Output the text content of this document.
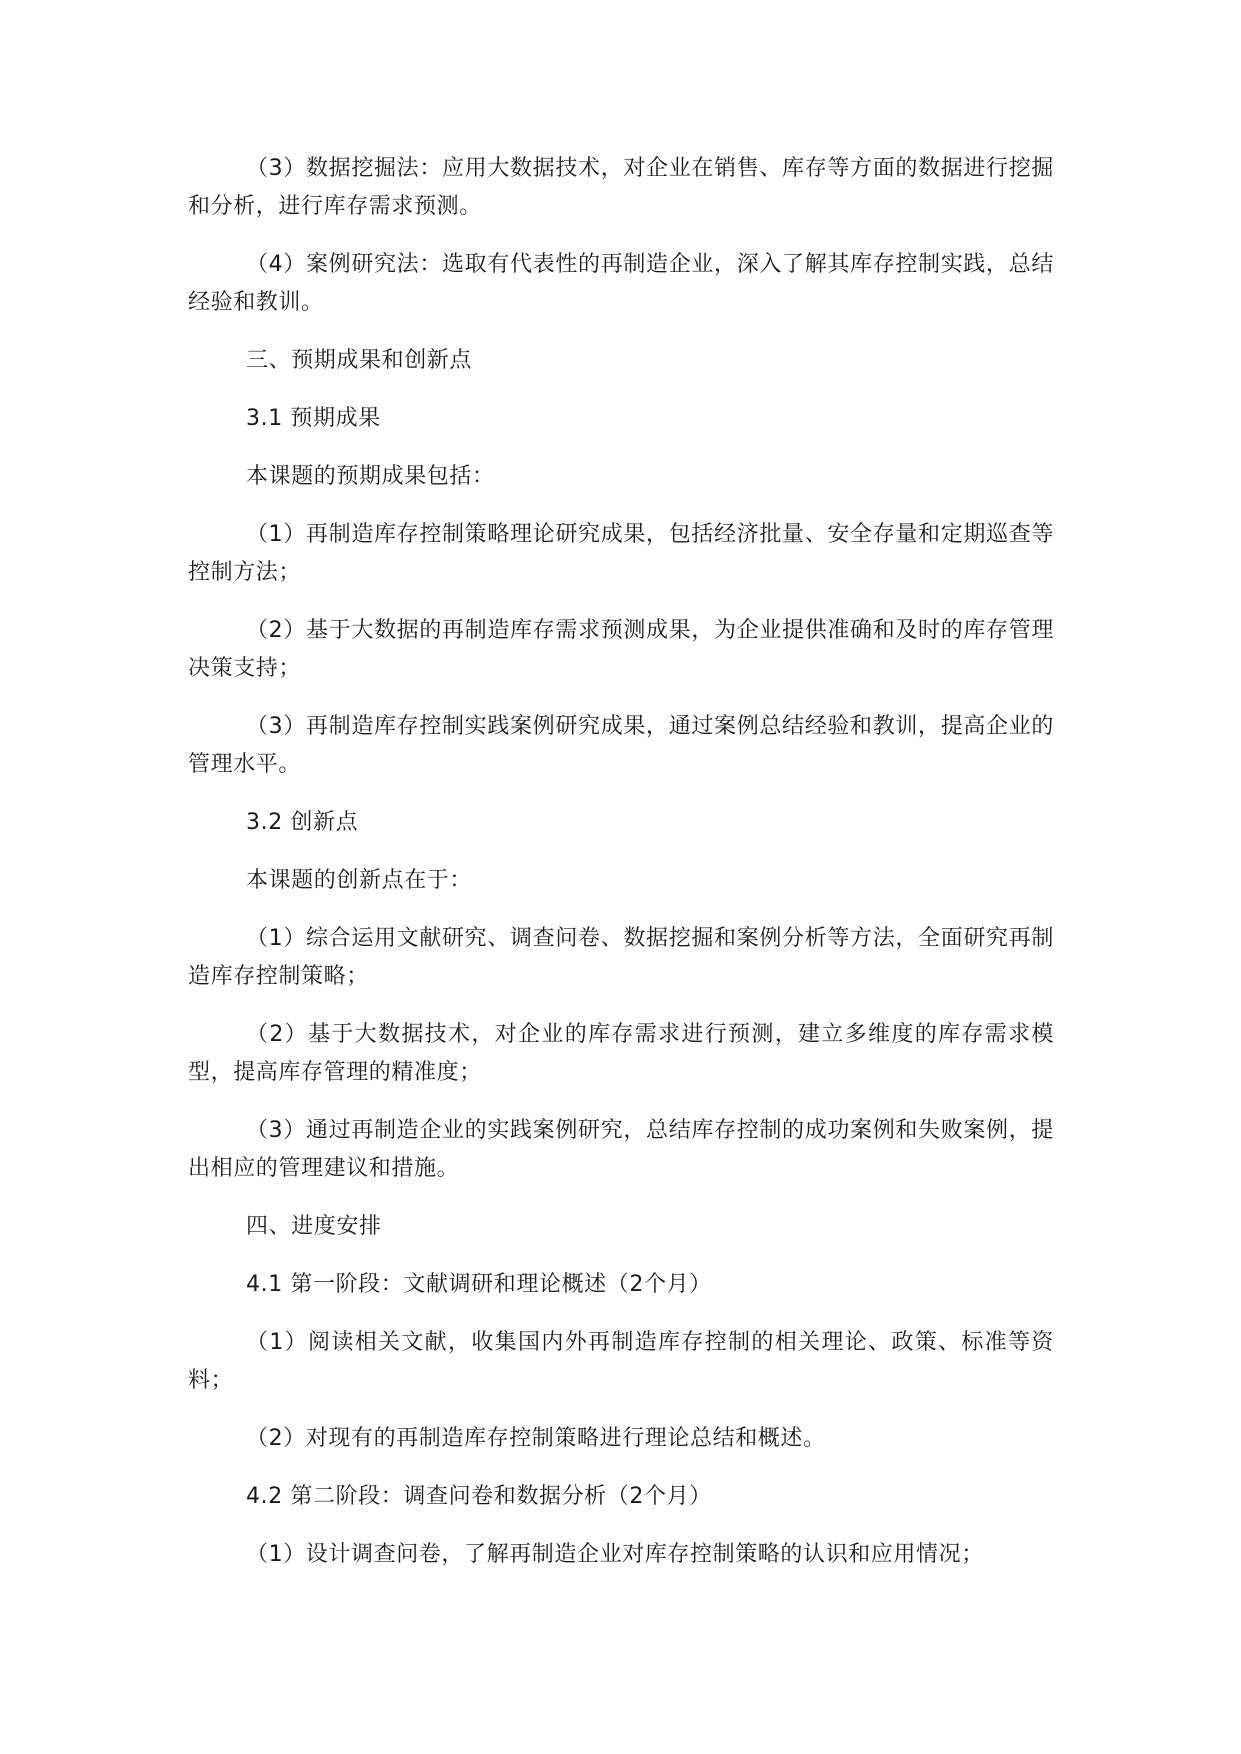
（3）数据挖掘法：应用大数据技术，对企业在销售、库存等方面的数据进行挖掘和分析，进行库存需求预测。

（4）案例研究法：选取有代表性的再制造企业，深入了解其库存控制实践，总结经验和教训。

三、预期成果和创新点

3.1 预期成果

本课题的预期成果包括：

（1）再制造库存控制策略理论研究成果，包括经济批量、安全存量和定期巡查等控制方法；

（2）基于大数据的再制造库存需求预测成果，为企业提供准确和及时的库存管理决策支持；

（3）再制造库存控制实践案例研究成果，通过案例总结经验和教训，提高企业的管理水平。

3.2 创新点

本课题的创新点在于：

（1）综合运用文献研究、调查问卷、数据挖掘和案例分析等方法，全面研究再制造库存控制策略；

（2）基于大数据技术，对企业的库存需求进行预测，建立多维度的库存需求模型，提高库存管理的精准度；

（3）通过再制造企业的实践案例研究，总结库存控制的成功案例和失败案例，提出相应的管理建议和措施。

四、进度安排

4.1 第一阶段：文献调研和理论概述（2个月）

（1）阅读相关文献，收集国内外再制造库存控制的相关理论、政策、标准等资料；

（2）对现有的再制造库存控制策略进行理论总结和概述。

4.2 第二阶段：调查问卷和数据分析（2个月）

（1）设计调查问卷，了解再制造企业对库存控制策略的认识和应用情况；
